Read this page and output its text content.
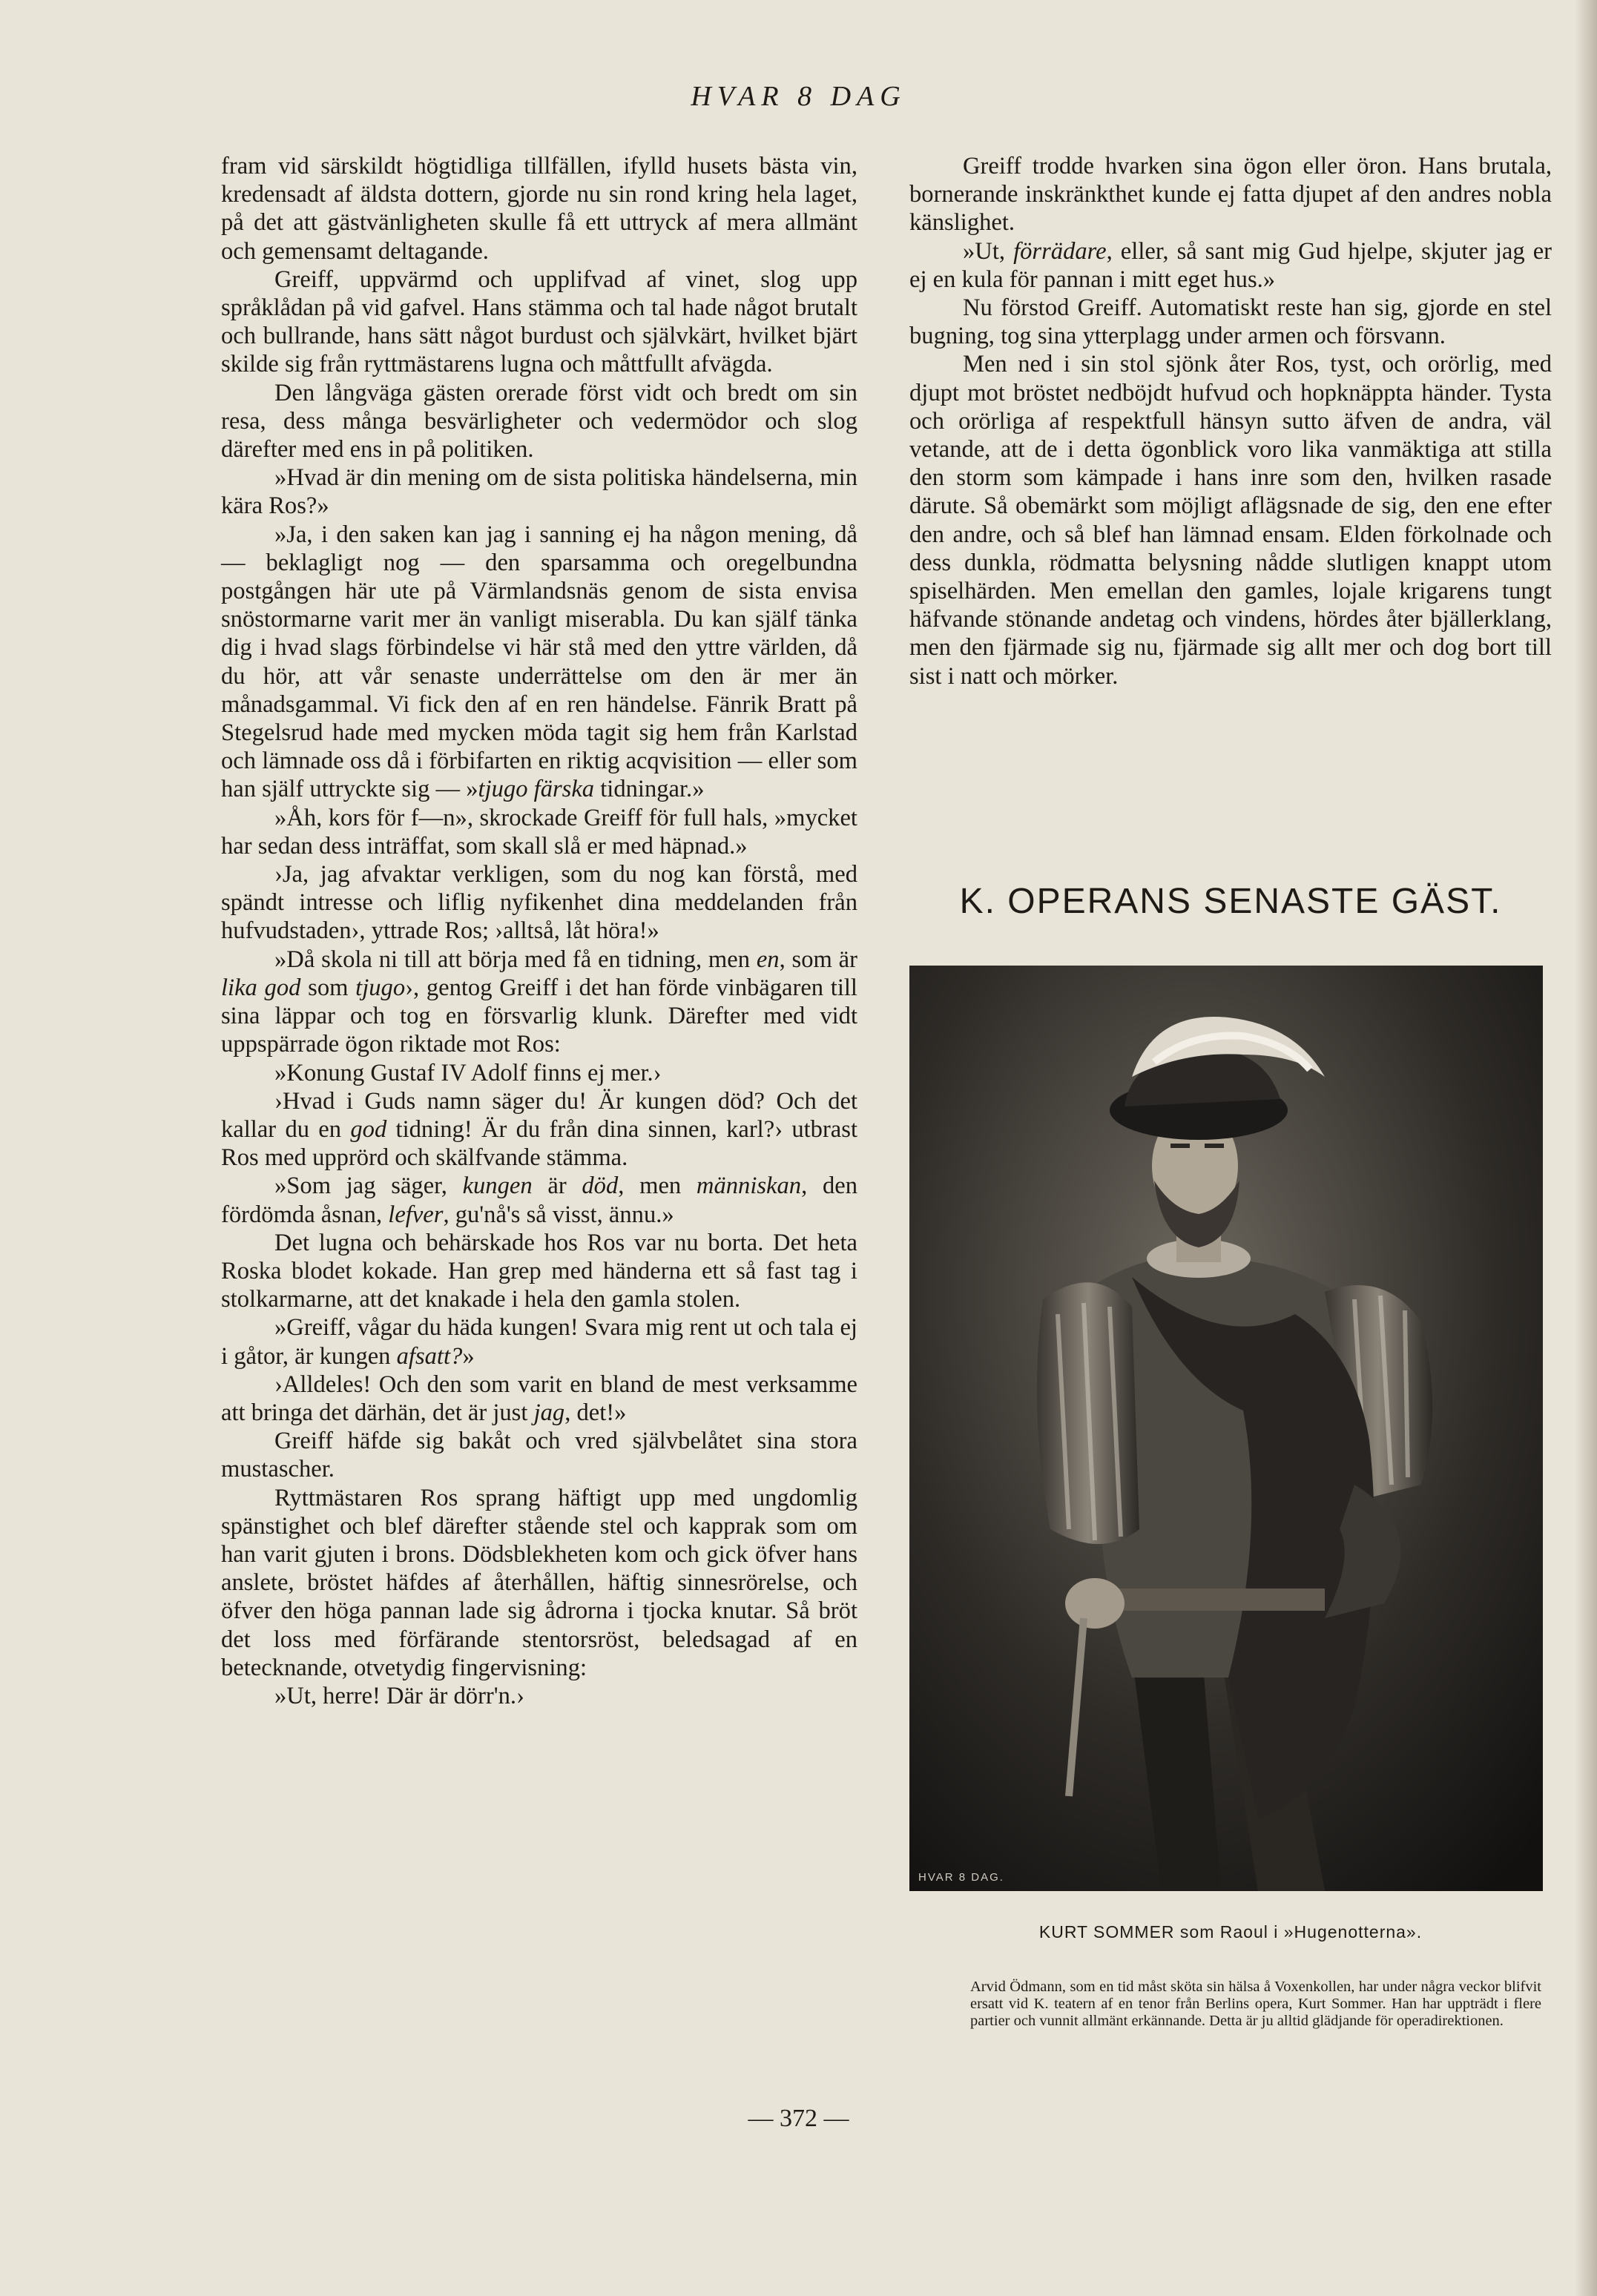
HVAR 8 DAG

fram vid särskildt högtidliga tillfällen, ifylld husets bästa vin, kredensadt af äldsta dottern, gjorde nu sin rond kring hela laget, på det att gästvänligheten skulle få ett uttryck af mera allmänt och gemensamt deltagande.

Greiff, uppvärmd och upplifvad af vinet, slog upp språklådan på vid gafvel. Hans stämma och tal hade något brutalt och bullrande, hans sätt något burdust och självkärt, hvilket bjärt skilde sig från ryttmästarens lugna och måttfullt afvägda.

Den långväga gästen orerade först vidt och bredt om sin resa, dess många besvärligheter och vedermödor och slog därefter med ens in på politiken.

»Hvad är din mening om de sista politiska händelserna, min kära Ros?»

»Ja, i den saken kan jag i sanning ej ha någon mening, då — beklagligt nog — den sparsamma och oregelbundna postgången här ute på Värmlandsnäs genom de sista envisa snöstormarne varit mer än vanligt miserabla. Du kan själf tänka dig i hvad slags förbindelse vi här stå med den yttre världen, då du hör, att vår senaste underrättelse om den är mer än månadsgammal. Vi fick den af en ren händelse. Fänrik Bratt på Stegelsrud hade med mycken möda tagit sig hem från Karlstad och lämnade oss då i förbifarten en riktig acqvisition — eller som han själf uttryckte sig — »tjugo färska tidningar.»

»Åh, kors för f—n», skrockade Greiff för full hals, »mycket har sedan dess inträffat, som skall slå er med häpnad.»

›Ja, jag afvaktar verkligen, som du nog kan förstå, med spändt intresse och liflig nyfikenhet dina meddelanden från hufvudstaden›, yttrade Ros; ›alltså, låt höra!»

»Då skola ni till att börja med få en tidning, men en, som är lika god som tjugo›, gentog Greiff i det han förde vinbägaren till sina läppar och tog en försvarlig klunk. Därefter med vidt uppspärrade ögon riktade mot Ros:

»Konung Gustaf IV Adolf finns ej mer.›

›Hvad i Guds namn säger du! Är kungen död? Och det kallar du en god tidning! Är du från dina sinnen, karl?› utbrast Ros med upprörd och skälfvande stämma.

»Som jag säger, kungen är död, men människan, den fördömda åsnan, lefver, gu'nå's så visst, ännu.»

Det lugna och behärskade hos Ros var nu borta. Det heta Roska blodet kokade. Han grep med händerna ett så fast tag i stolkarmarne, att det knakade i hela den gamla stolen.

»Greiff, vågar du häda kungen! Svara mig rent ut och tala ej i gåtor, är kungen afsatt?»

›Alldeles! Och den som varit en bland de mest verksamme att bringa det därhän, det är just jag, det!»

Greiff häfde sig bakåt och vred självbelåtet sina stora mustascher.

Ryttmästaren Ros sprang häftigt upp med ungdomlig spänstighet och blef därefter stående stel och kapprak som om han varit gjuten i brons. Dödsblekheten kom och gick öfver hans anslete, bröstet häfdes af återhållen, häftig sinnesrörelse, och öfver den höga pannan lade sig ådrorna i tjocka knutar. Så bröt det loss med förfärande stentorsröst, beledsagad af en betecknande, otvetydig fingervisning:

»Ut, herre! Där är dörr'n.›

Greiff trodde hvarken sina ögon eller öron. Hans brutala, bornerande inskränkthet kunde ej fatta djupet af den andres nobla känslighet.

»Ut, förrädare, eller, så sant mig Gud hjelpe, skjuter jag er ej en kula för pannan i mitt eget hus.»

Nu förstod Greiff. Automatiskt reste han sig, gjorde en stel bugning, tog sina ytterplagg under armen och försvann.

Men ned i sin stol sjönk åter Ros, tyst, och orörlig, med djupt mot bröstet nedböjdt hufvud och hopknäppta händer. Tysta och orörliga af respektfull hänsyn sutto äfven de andra, väl vetande, att de i detta ögonblick voro lika vanmäktiga att stilla den storm som kämpade i hans inre som den, hvilken rasade därute. Så obemärkt som möjligt aflägsnade de sig, den ene efter den andre, och så blef han lämnad ensam. Elden förkolnade och dess dunkla, rödmatta belysning nådde slutligen knappt utom spiselhärden. Men emellan den gamles, lojale krigarens tungt häfvande stönande andetag och vindens, hördes åter bjällerklang, men den fjärmade sig nu, fjärmade sig allt mer och dog bort till sist i natt och mörker.

K. OPERANS SENASTE GÄST.
HVAR 8 DAG.
KURT SOMMER som Raoul i »Hugenotterna».
Arvid Ödmann, som en tid måst sköta sin hälsa å Voxenkollen, har under några veckor blifvit ersatt vid K. teatern af en tenor från Berlins opera, Kurt Sommer. Han har uppträdt i flere partier och vunnit allmänt erkännande. Detta är ju alltid glädjande för operadirektionen.
— 372 —
